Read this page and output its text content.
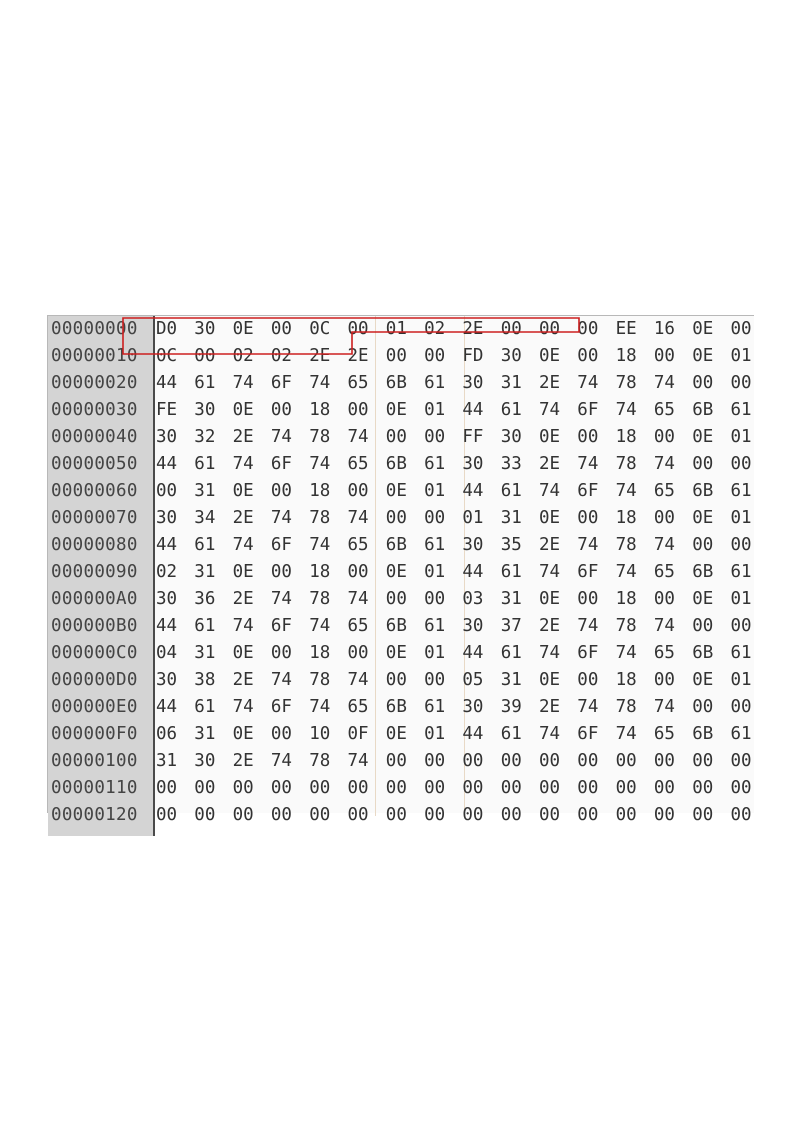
00000000	D0 30 0E 00 0C 00 01 02 2E 00 00 00 EE 16 0E 00
00000010	0C 00 02 02 2E 2E 00 00 FD 30 0E 00 18 00 0E 01
00000020	44 61 74 6F 74 65 6B 61 30 31 2E 74 78 74 00 00
00000030	FE 30 0E 00 18 00 0E 01 44 61 74 6F 74 65 6B 61
00000040	30 32 2E 74 78 74 00 00 FF 30 0E 00 18 00 0E 01
00000050	44 61 74 6F 74 65 6B 61 30 33 2E 74 78 74 00 00
00000060	00 31 0E 00 18 00 0E 01 44 61 74 6F 74 65 6B 61
00000070	30 34 2E 74 78 74 00 00 01 31 0E 00 18 00 0E 01
00000080	44 61 74 6F 74 65 6B 61 30 35 2E 74 78 74 00 00
00000090	02 31 0E 00 18 00 0E 01 44 61 74 6F 74 65 6B 61
000000A0	30 36 2E 74 78 74 00 00 03 31 0E 00 18 00 0E 01
000000B0	44 61 74 6F 74 65 6B 61 30 37 2E 74 78 74 00 00
000000C0	04 31 0E 00 18 00 0E 01 44 61 74 6F 74 65 6B 61
000000D0	30 38 2E 74 78 74 00 00 05 31 0E 00 18 00 0E 01
000000E0	44 61 74 6F 74 65 6B 61 30 39 2E 74 78 74 00 00
000000F0	06 31 0E 00 10 0F 0E 01 44 61 74 6F 74 65 6B 61
00000100	31 30 2E 74 78 74 00 00 00 00 00 00 00 00 00 00
00000110	00 00 00 00 00 00 00 00 00 00 00 00 00 00 00 00
00000120	00 00 00 00 00 00 00 00 00 00 00 00 00 00 00 00
